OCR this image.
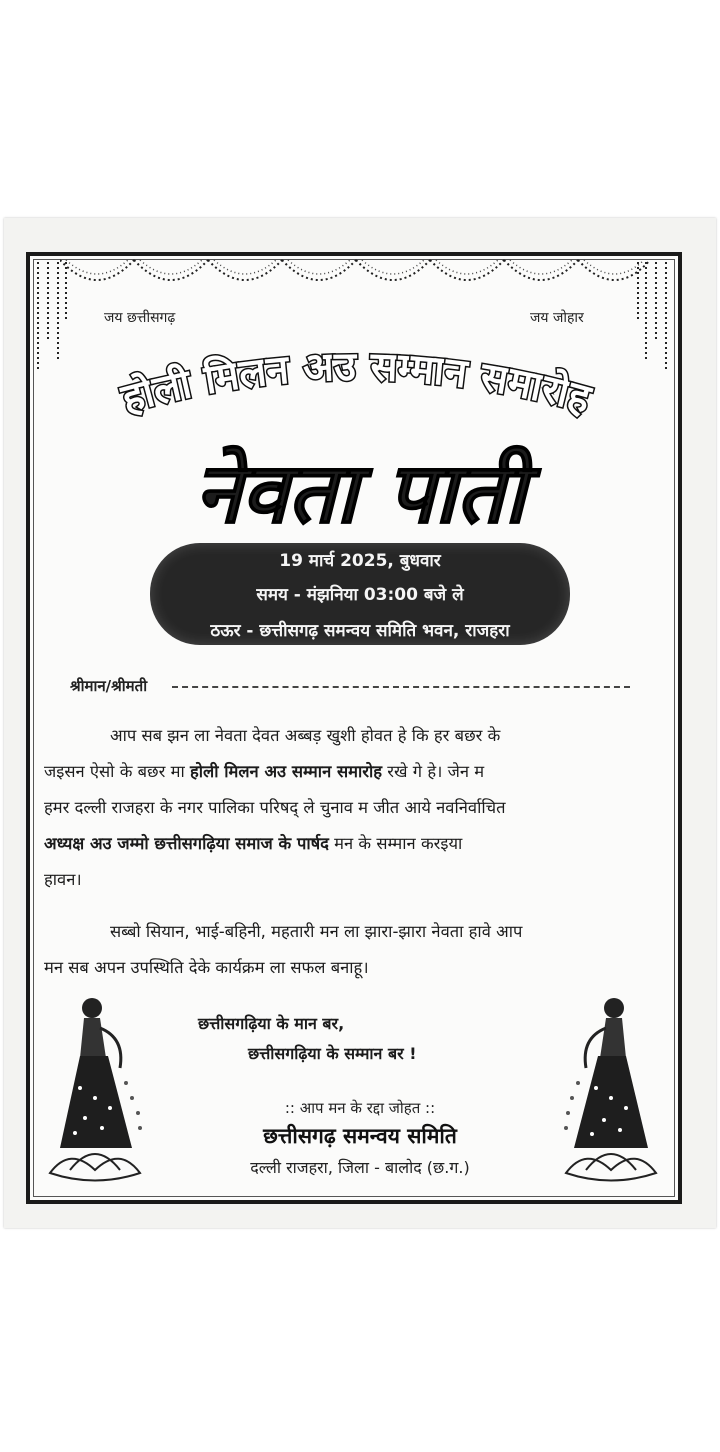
जय छत्तीसगढ़	जय जोहार
होली मिलन अउ सम्मान समारोह
नेवता पाती
19 मार्च 2025, बुधवार
समय - मंझनिया 03:00 बजे ले
ठऊर - छत्तीसगढ़ समन्वय समिति भवन, राजहरा
श्रीमान/श्रीमती
आप सब झन ला नेवता देवत अब्बड़ खुशी होवत हे कि हर बछर के
जइसन ऐसो के बछर मा होली मिलन अउ सम्मान समारोह रखे गे हे। जेन म
हमर दल्ली राजहरा के नगर पालिका परिषद् ले चुनाव म जीत आये नवनिर्वाचित
अध्यक्ष अउ जम्मो छत्तीसगढ़िया समाज के पार्षद मन के सम्मान करइया
हावन।
सब्बो सियान, भाई-बहिनी, महतारी मन ला झारा-झारा नेवता हावे आप
मन सब अपन उपस्थिति देके कार्यक्रम ला सफल बनाहू।
छत्तीसगढ़िया के मान बर,
छत्तीसगढ़िया के सम्मान बर !
:: आप मन के रद्दा जोहत ::
छत्तीसगढ़ समन्वय समिति
दल्ली राजहरा, जिला - बालोद (छ.ग.)
